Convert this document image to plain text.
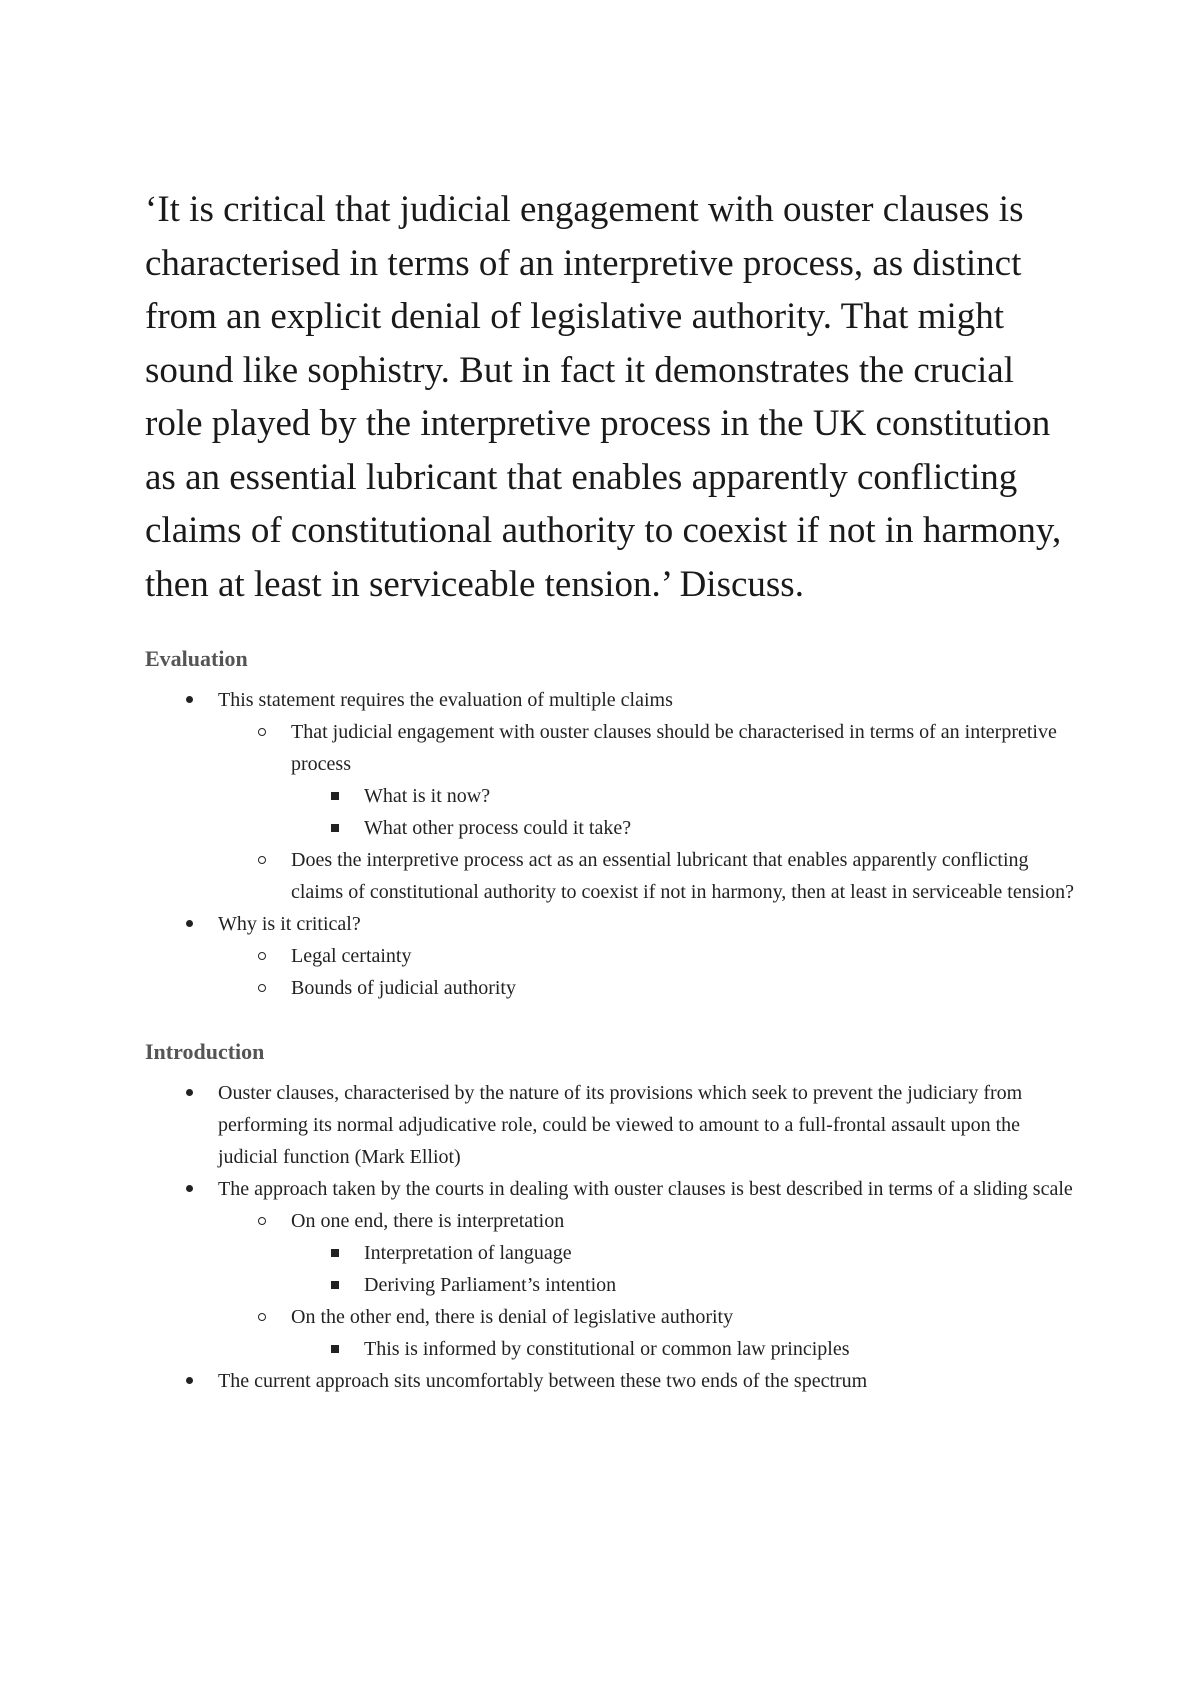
‘It is critical that judicial engagement with ouster clauses is characterised in terms of an interpretive process, as distinct from an explicit denial of legislative authority. That might sound like sophistry. But in fact it demonstrates the crucial role played by the interpretive process in the UK constitution as an essential lubricant that enables apparently conflicting claims of constitutional authority to coexist if not in harmony, then at least in serviceable tension.’ Discuss.

Evaluation
This statement requires the evaluation of multiple claims
That judicial engagement with ouster clauses should be characterised in terms of an interpretive process
What is it now?
What other process could it take?
Does the interpretive process act as an essential lubricant that enables apparently conflicting claims of constitutional authority to coexist if not in harmony, then at least in serviceable tension?
Why is it critical?
Legal certainty
Bounds of judicial authority
Introduction
Ouster clauses, characterised by the nature of its provisions which seek to prevent the judiciary from performing its normal adjudicative role, could be viewed to amount to a full-frontal assault upon the judicial function (Mark Elliot)
The approach taken by the courts in dealing with ouster clauses is best described in terms of a sliding scale
On one end, there is interpretation
Interpretation of language
Deriving Parliament’s intention
On the other end, there is denial of legislative authority
This is informed by constitutional or common law principles
The current approach sits uncomfortably between these two ends of the spectrum
